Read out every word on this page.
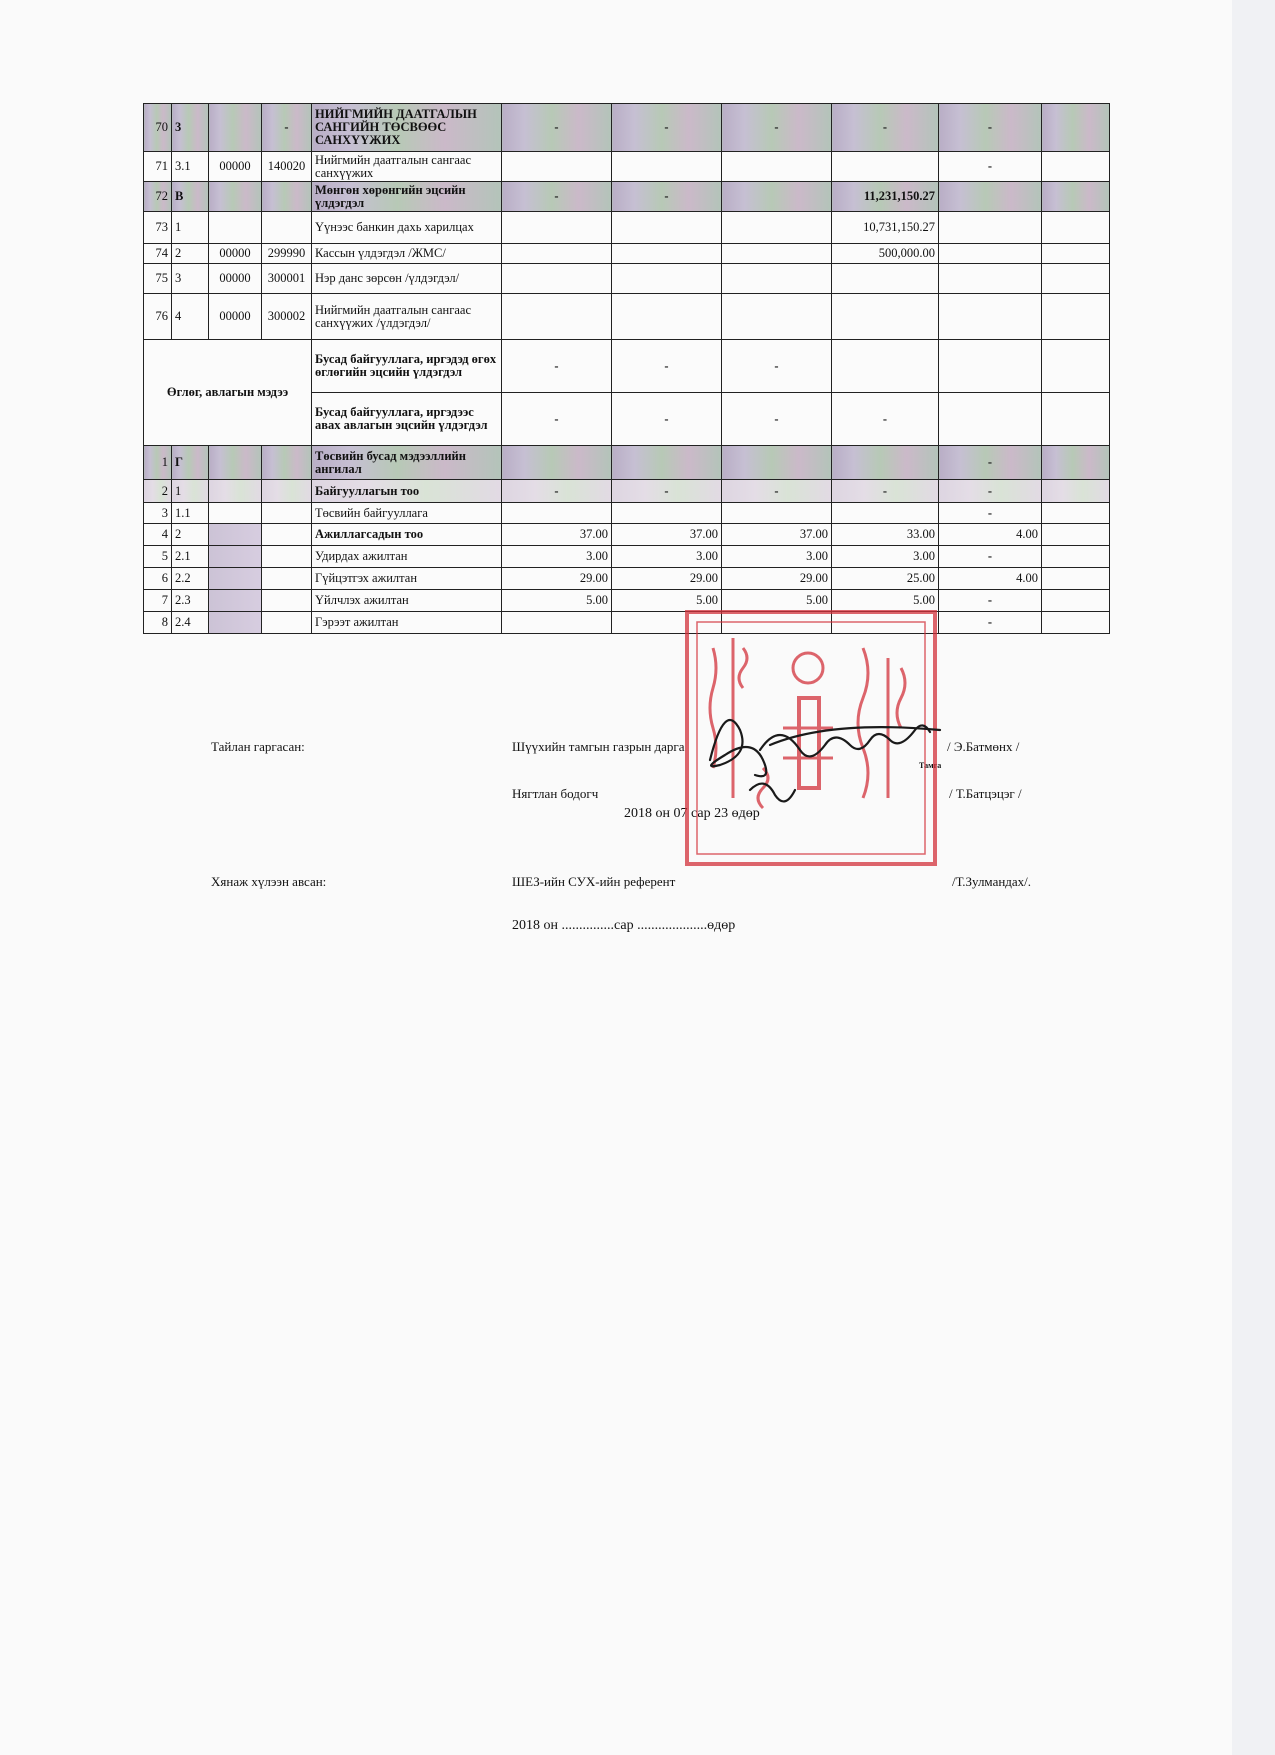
70	3		-	НИЙГМИЙН ДААТГАЛЫН САНГИЙН ТӨСВӨӨС САНХҮҮЖИХ	-	-	-	-	-	
71	3.1	00000	140020	Нийгмийн даатгалын сангаас санхүүжих					-	
72	В			Мөнгөн хөрөнгийн эцсийн үлдэгдэл	-	-		11,231,150.27		
73	1			Үүнээс банкин дахь харилцах				10,731,150.27		
74	2	00000	299990	Кассын үлдэгдэл /ЖМС/				500,000.00		
75	3	00000	300001	Нэр данс зөрсөн /үлдэгдэл/						
76	4	00000	300002	Нийгмийн даатгалын сангаас санхүүжих /үлдэгдэл/						
Өглөг, авлагын мэдээ				Бусад байгууллага, иргэдэд өгөх өглөгийн эцсийн үлдэгдэл	-	-	-			
				Бусад байгууллага, иргэдээс авах авлагын эцсийн үлдэгдэл	-	-	-	-		
1	Г			Төсвийн бусад мэдээллийн ангилал					-	
2	1			Байгууллагын тоо	-	-	-	-	-	
3	1.1			Төсвийн байгууллага					-	
4	2			Ажиллагсадын тоо	37.00	37.00	37.00	33.00	4.00	
5	2.1			Удирдах ажилтан	3.00	3.00	3.00	3.00	-	
6	2.2			Гүйцэтгэх ажилтан	29.00	29.00	29.00	25.00	4.00	
7	2.3			Үйлчлэх ажилтан	5.00	5.00	5.00	5.00	-	
8	2.4			Гэрээт ажилтан					-	
Тайлан гаргасан:	Шүүхийн тамгын газрын дарга	/ Э.Батмөнх /
Тамга
Нягтлан бодогч	/ Т.Батцэцэг /
2018 он 07 сар 23 өдөр
Хянаж хүлээн авсан:	ШЕЗ-ийн СУХ-ийн референт	/Т.Зулмандах/.
2018 он ...............сар ....................өдөр
